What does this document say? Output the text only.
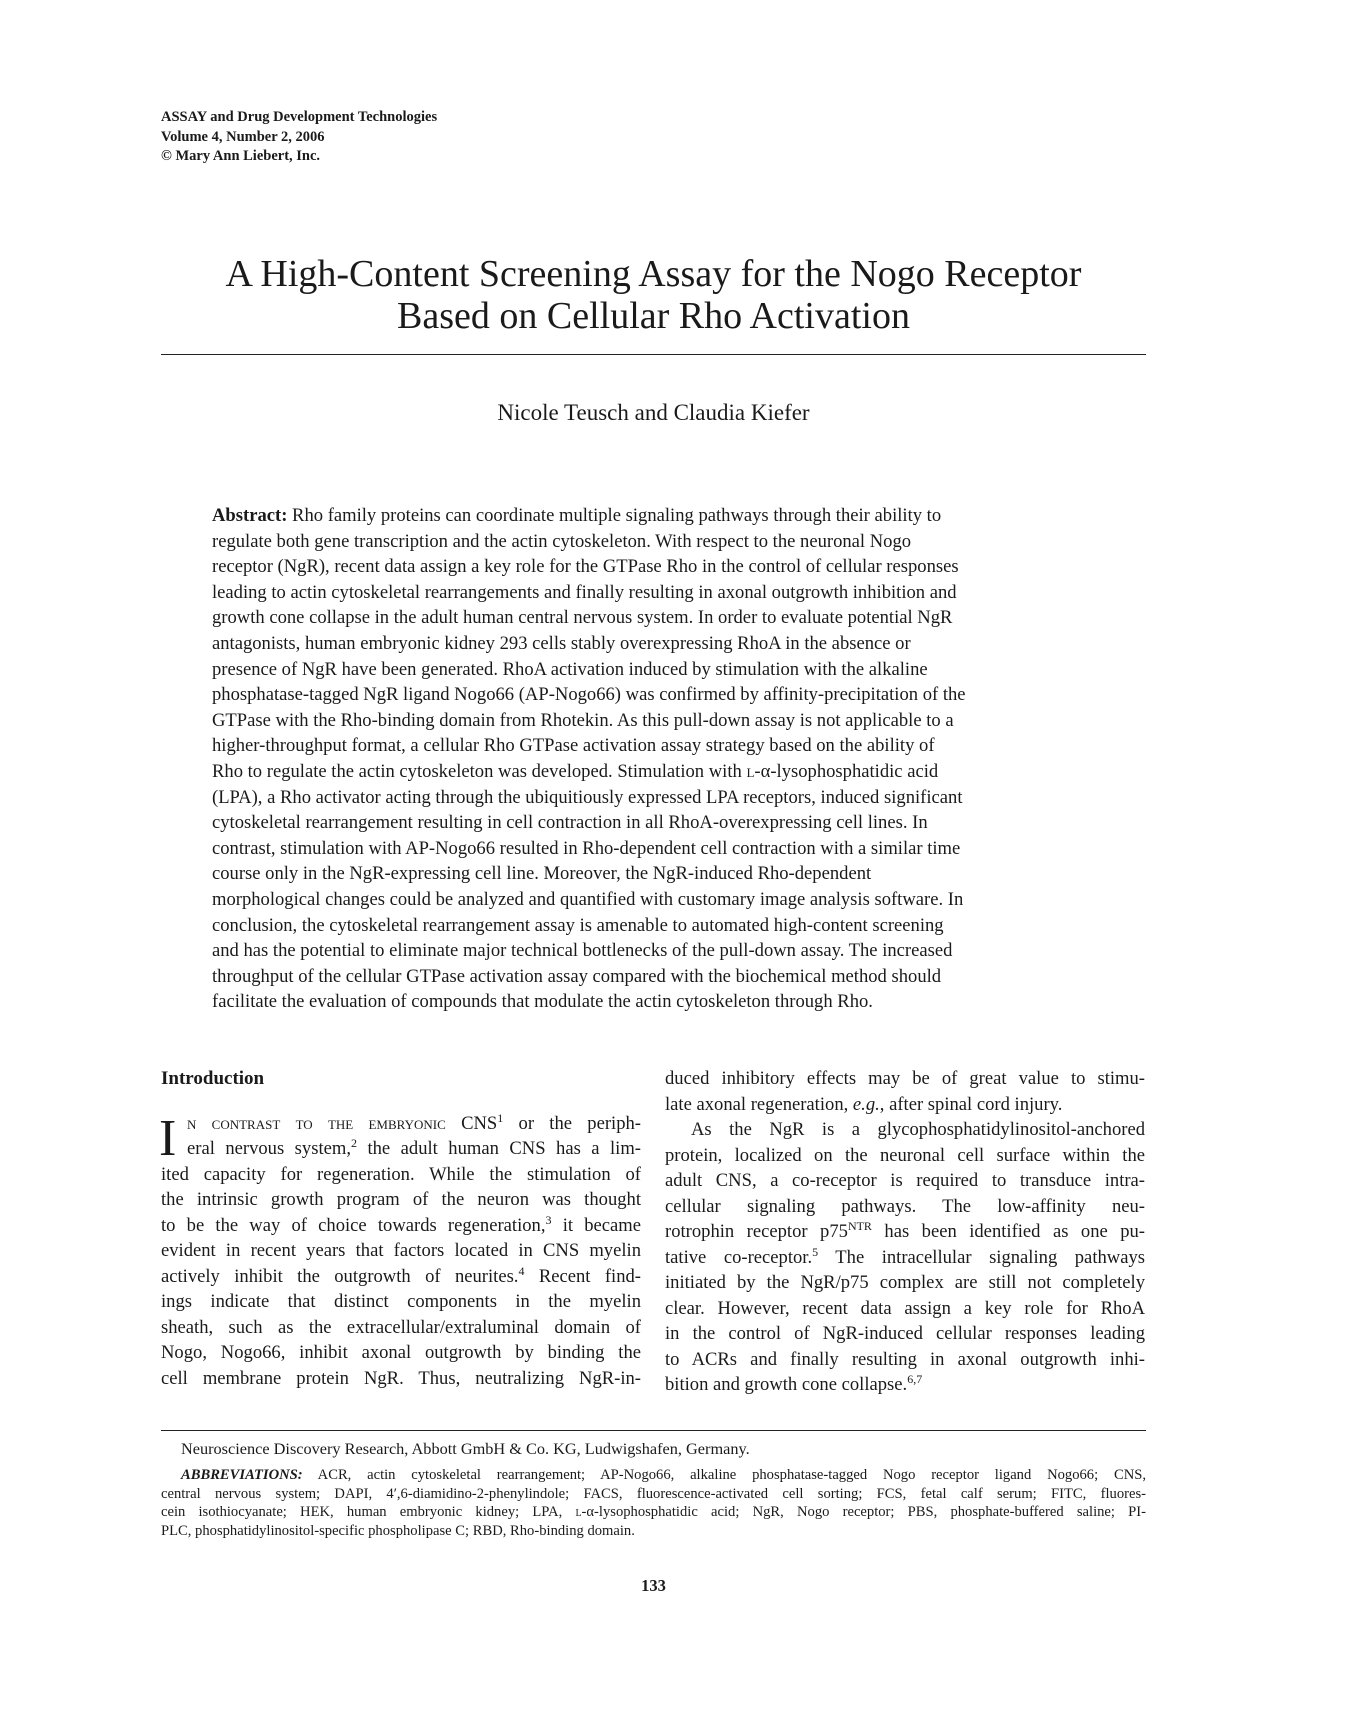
ASSAY and Drug Development Technologies
Volume 4, Number 2, 2006
© Mary Ann Liebert, Inc.
A High-Content Screening Assay for the Nogo Receptor
Based on Cellular Rho Activation
Nicole Teusch and Claudia Kiefer
Abstract: Rho family proteins can coordinate multiple signaling pathways through their ability to
regulate both gene transcription and the actin cytoskeleton. With respect to the neuronal Nogo
receptor (NgR), recent data assign a key role for the GTPase Rho in the control of cellular responses
leading to actin cytoskeletal rearrangements and finally resulting in axonal outgrowth inhibition and
growth cone collapse in the adult human central nervous system. In order to evaluate potential NgR
antagonists, human embryonic kidney 293 cells stably overexpressing RhoA in the absence or
presence of NgR have been generated. RhoA activation induced by stimulation with the alkaline
phosphatase-tagged NgR ligand Nogo66 (AP-Nogo66) was confirmed by affinity-precipitation of the
GTPase with the Rho-binding domain from Rhotekin. As this pull-down assay is not applicable to a
higher-throughput format, a cellular Rho GTPase activation assay strategy based on the ability of
Rho to regulate the actin cytoskeleton was developed. Stimulation with l-α-lysophosphatidic acid
(LPA), a Rho activator acting through the ubiquitiously expressed LPA receptors, induced significant
cytoskeletal rearrangement resulting in cell contraction in all RhoA-overexpressing cell lines. In
contrast, stimulation with AP-Nogo66 resulted in Rho-dependent cell contraction with a similar time
course only in the NgR-expressing cell line. Moreover, the NgR-induced Rho-dependent
morphological changes could be analyzed and quantified with customary image analysis software. In
conclusion, the cytoskeletal rearrangement assay is amenable to automated high-content screening
and has the potential to eliminate major technical bottlenecks of the pull-down assay. The increased
throughput of the cellular GTPase activation assay compared with the biochemical method should
facilitate the evaluation of compounds that modulate the actin cytoskeleton through Rho.
Introduction
I n contrast to the embryonic CNS$^1$ or the periph-
eral nervous system,$^2$ the adult human CNS has a lim-
ited capacity for regeneration. While the stimulation of
the intrinsic growth program of the neuron was thought
to be the way of choice towards regeneration,$^3$ it became
evident in recent years that factors located in CNS myelin
actively inhibit the outgrowth of neurites.$^4$ Recent find-
ings indicate that distinct components in the myelin
sheath, such as the extracellular/extraluminal domain of
Nogo, Nogo66, inhibit axonal outgrowth by binding the
cell membrane protein NgR. Thus, neutralizing NgR-in-
duced inhibitory effects may be of great value to stimu-
late axonal regeneration, e.g., after spinal cord injury.
As the NgR is a glycophosphatidylinositol-anchored
protein, localized on the neuronal cell surface within the
adult CNS, a co-receptor is required to transduce intra-
cellular signaling pathways. The low-affinity neu-
rotrophin receptor $p75^{NTR}$ has been identified as one pu-
tative co-receptor.$^5$ The intracellular signaling pathways
initiated by the NgR/p75 complex are still not completely
clear. However, recent data assign a key role for RhoA
in the control of NgR-induced cellular responses leading
to ACRs and finally resulting in axonal outgrowth inhi-
bition and growth cone collapse.$^{6,7}$
Neuroscience Discovery Research, Abbott GmbH & Co. KG, Ludwigshafen, Germany.
ABBREVIATIONS: ACR, actin cytoskeletal rearrangement; AP-Nogo66, alkaline phosphatase-tagged Nogo receptor ligand Nogo66; CNS,
central nervous system; DAPI, 4′,6-diamidino-2-phenylindole; FACS, fluorescence-activated cell sorting; FCS, fetal calf serum; FITC, fluores-
cein isothiocyanate; HEK, human embryonic kidney; LPA, l-α-lysophosphatidic acid; NgR, Nogo receptor; PBS, phosphate-buffered saline; PI-
PLC, phosphatidylinositol-specific phospholipase C; RBD, Rho-binding domain.
133
